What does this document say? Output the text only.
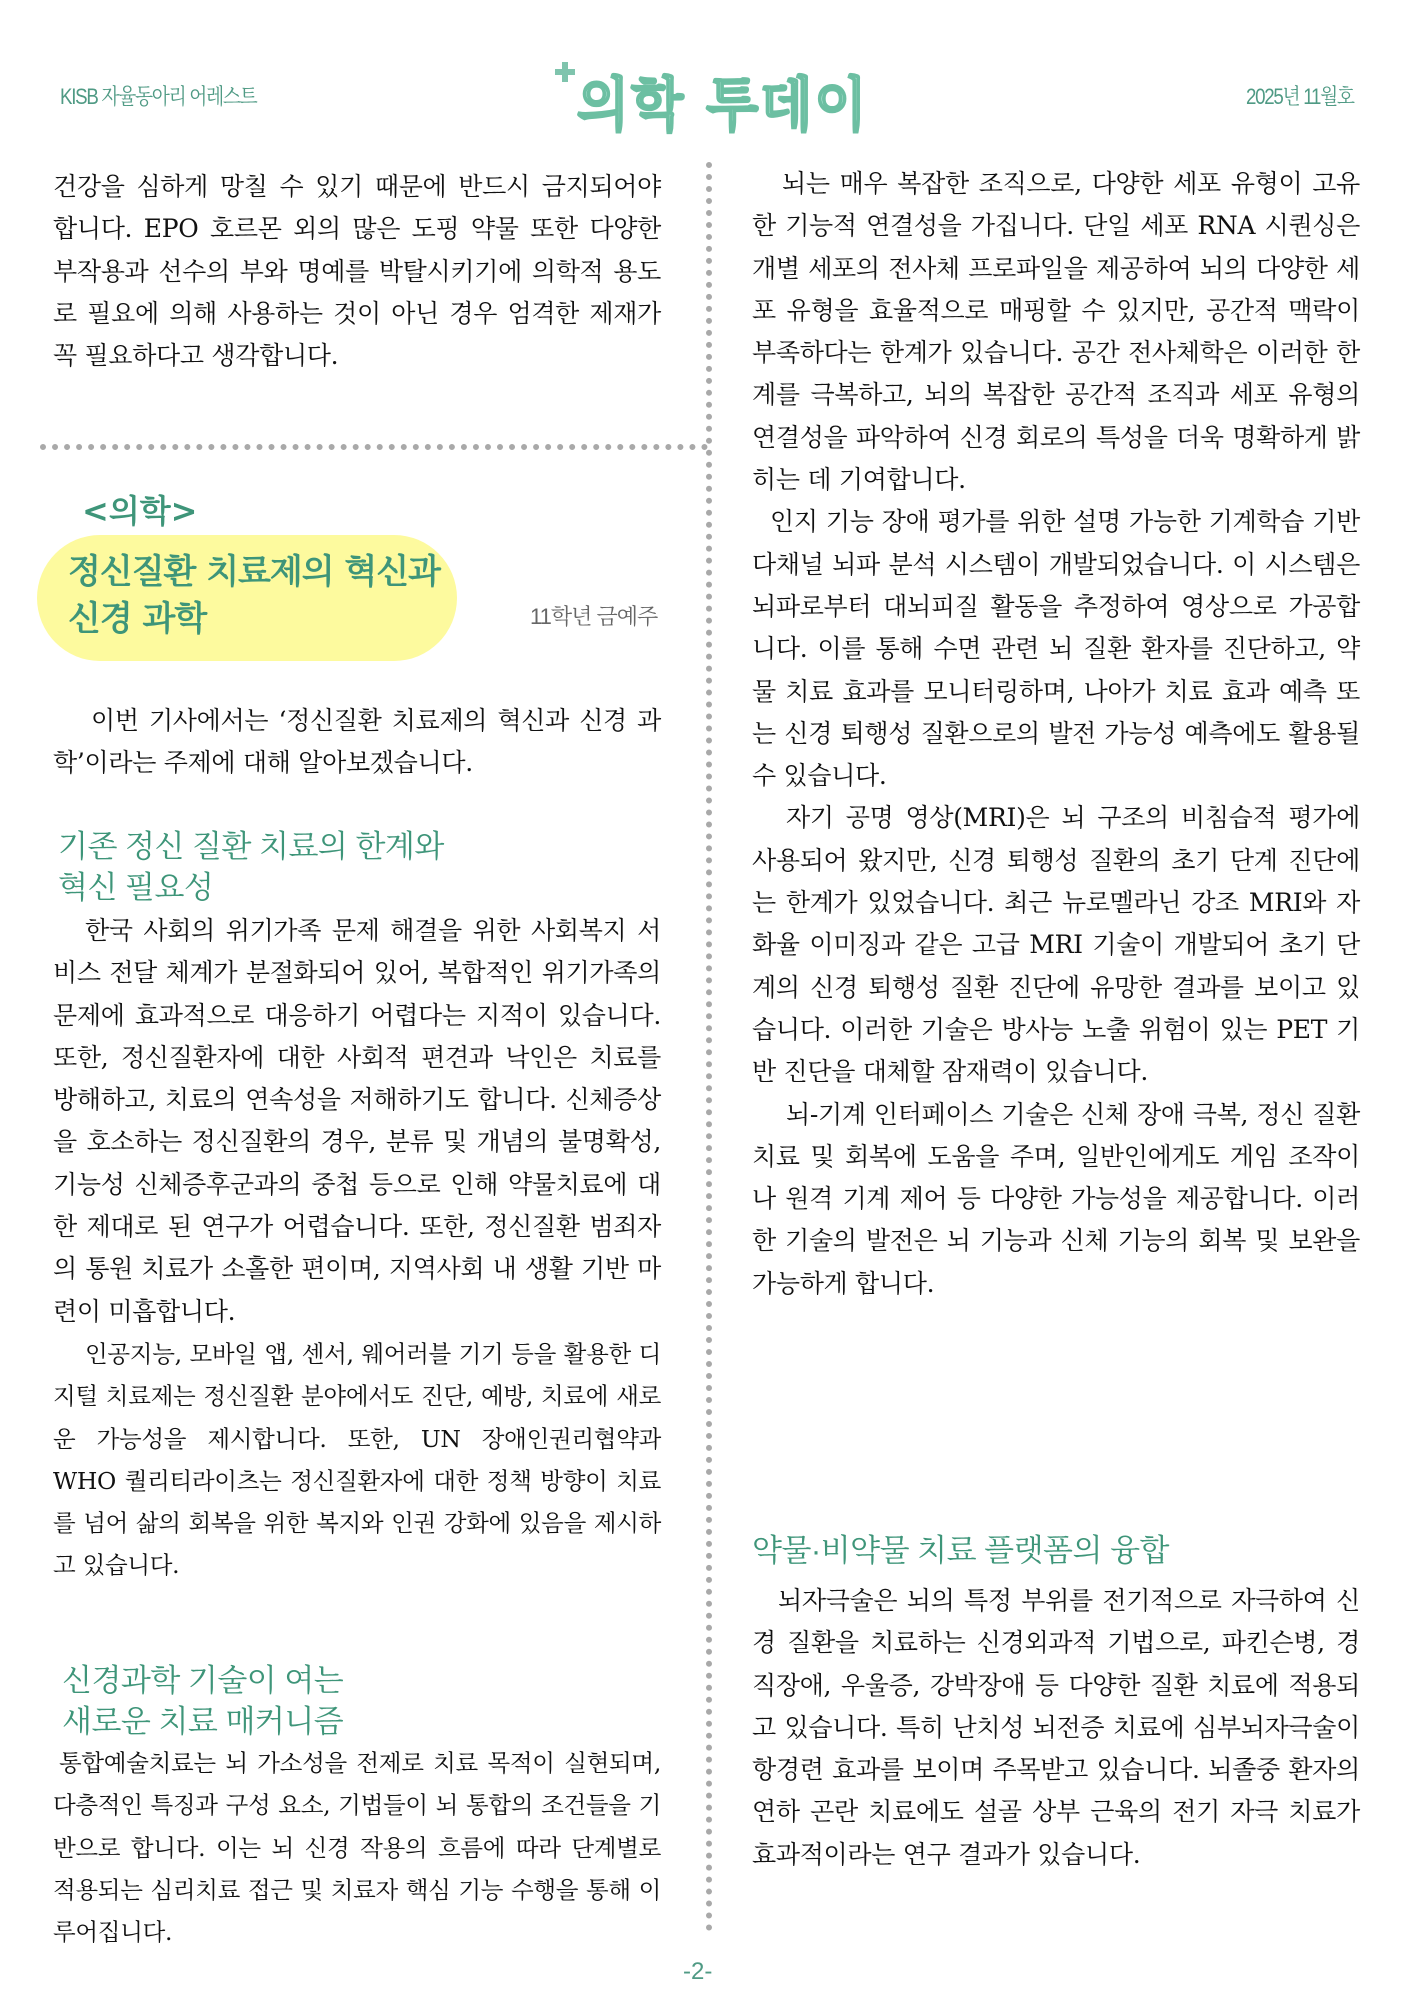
KISB 자율동아리 어레스트	의학 투데이	2025년 11월호

건강을 심하게 망칠 수 있기 때문에 반드시 금지되어야 합니다. EPO 호르몬 외의 많은 도핑 약물 또한 다양한 부작용과 선수의 부와 명예를 박탈시키기에 의학적 용도로 필요에 의해 사용하는 것이 아닌 경우 엄격한 제재가 꼭 필요하다고 생각합니다.

<의학>
정신질환 치료제의 혁신과
신경 과학	11학년 금예주

이번 기사에서는 ‘정신질환 치료제의 혁신과 신경 과학’이라는 주제에 대해 알아보겠습니다.

기존 정신 질환 치료의 한계와
혁신 필요성

한국 사회의 위기가족 문제 해결을 위한 사회복지 서비스 전달 체계가 분절화되어 있어, 복합적인 위기가족의 문제에 효과적으로 대응하기 어렵다는 지적이 있습니다. 또한, 정신질환자에 대한 사회적 편견과 낙인은 치료를 방해하고, 치료의 연속성을 저해하기도 합니다. 신체증상을 호소하는 정신질환의 경우, 분류 및 개념의 불명확성, 기능성 신체증후군과의 중첩 등으로 인해 약물치료에 대한 제대로 된 연구가 어렵습니다. 또한, 정신질환 범죄자의 통원 치료가 소홀한 편이며, 지역사회 내 생활 기반 마련이 미흡합니다.

인공지능, 모바일 앱, 센서, 웨어러블 기기 등을 활용한 디지털 치료제는 정신질환 분야에서도 진단, 예방, 치료에 새로운 가능성을 제시합니다. 또한, UN 장애인권리협약과 WHO 퀄리티라이츠는 정신질환자에 대한 정책 방향이 치료를 넘어 삶의 회복을 위한 복지와 인권 강화에 있음을 제시하고 있습니다.

신경과학 기술이 여는
새로운 치료 매커니즘

통합예술치료는 뇌 가소성을 전제로 치료 목적이 실현되며, 다층적인 특징과 구성 요소, 기법들이 뇌 통합의 조건들을 기반으로 합니다. 이는 뇌 신경 작용의 흐름에 따라 단계별로 적용되는 심리치료 접근 및 치료자 핵심 기능 수행을 통해 이루어집니다.

뇌는 매우 복잡한 조직으로, 다양한 세포 유형이 고유한 기능적 연결성을 가집니다. 단일 세포 RNA 시퀀싱은 개별 세포의 전사체 프로파일을 제공하여 뇌의 다양한 세포 유형을 효율적으로 매핑할 수 있지만, 공간적 맥락이 부족하다는 한계가 있습니다. 공간 전사체학은 이러한 한계를 극복하고, 뇌의 복잡한 공간적 조직과 세포 유형의 연결성을 파악하여 신경 회로의 특성을 더욱 명확하게 밝히는 데 기여합니다.

인지 기능 장애 평가를 위한 설명 가능한 기계학습 기반 다채널 뇌파 분석 시스템이 개발되었습니다. 이 시스템은 뇌파로부터 대뇌피질 활동을 추정하여 영상으로 가공합니다. 이를 통해 수면 관련 뇌 질환 환자를 진단하고, 약물 치료 효과를 모니터링하며, 나아가 치료 효과 예측 또는 신경 퇴행성 질환으로의 발전 가능성 예측에도 활용될 수 있습니다.

자기 공명 영상(MRI)은 뇌 구조의 비침습적 평가에 사용되어 왔지만, 신경 퇴행성 질환의 초기 단계 진단에는 한계가 있었습니다. 최근 뉴로멜라닌 강조 MRI와 자화율 이미징과 같은 고급 MRI 기술이 개발되어 초기 단계의 신경 퇴행성 질환 진단에 유망한 결과를 보이고 있습니다. 이러한 기술은 방사능 노출 위험이 있는 PET 기반 진단을 대체할 잠재력이 있습니다.

뇌-기계 인터페이스 기술은 신체 장애 극복, 정신 질환 치료 및 회복에 도움을 주며, 일반인에게도 게임 조작이나 원격 기계 제어 등 다양한 가능성을 제공합니다. 이러한 기술의 발전은 뇌 기능과 신체 기능의 회복 및 보완을 가능하게 합니다.

약물·비약물 치료 플랫폼의 융합

뇌자극술은 뇌의 특정 부위를 전기적으로 자극하여 신경 질환을 치료하는 신경외과적 기법으로, 파킨슨병, 경직장애, 우울증, 강박장애 등 다양한 질환 치료에 적용되고 있습니다. 특히 난치성 뇌전증 치료에 심부뇌자극술이 항경련 효과를 보이며 주목받고 있습니다. 뇌졸중 환자의 연하 곤란 치료에도 설골 상부 근육의 전기 자극 치료가 효과적이라는 연구 결과가 있습니다.

-2-
